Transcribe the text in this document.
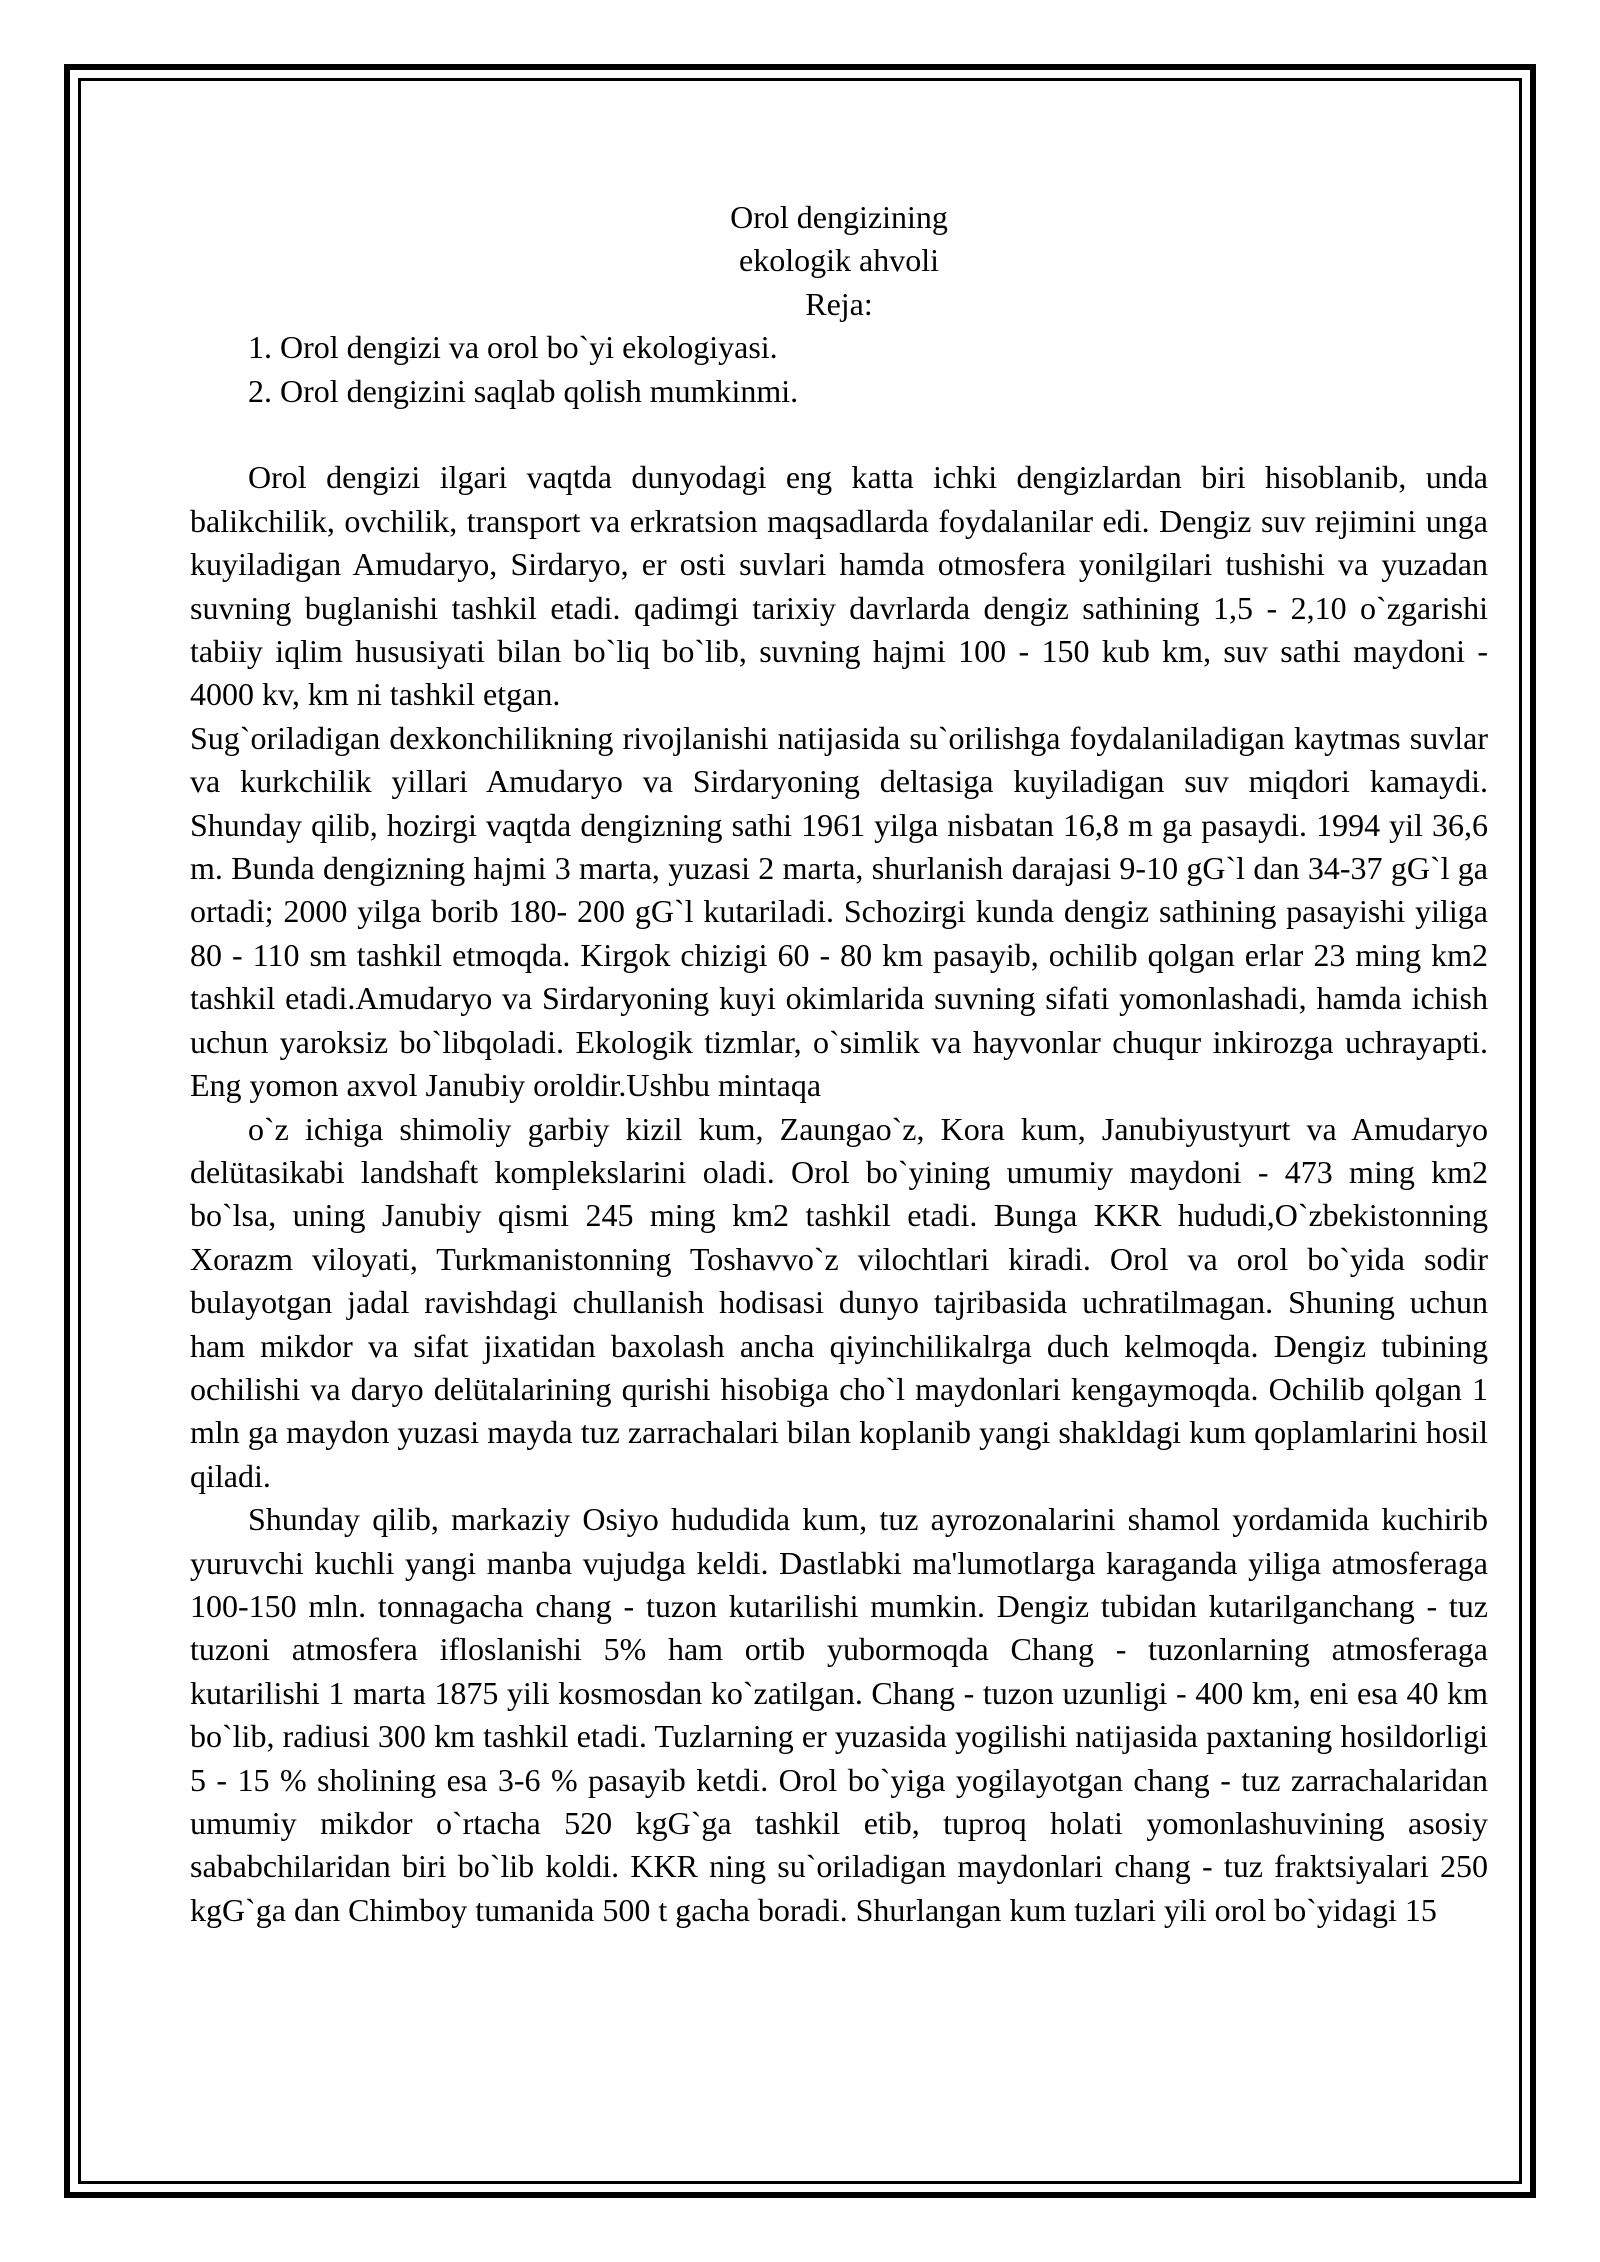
Orol dengizining

ekologik ahvoli

Reja:

1. Orol dengizi va orol bo`yi ekologiyasi.

2. Orol dengizini saqlab qolish mumkinmi.

Orol dengizi ilgari vaqtda dunyodagi eng katta ichki dengizlardan biri hisoblanib, unda balikchilik, ovchilik, transport va erkratsion maqsadlarda foydalanilar edi. Dengiz suv rejimini unga kuyiladigan Amudaryo, Sirdaryo, er osti suvlari hamda otmosfera yonilgilari tushishi va yuzadan suvning buglanishi tashkil etadi. qadimgi tarixiy davrlarda dengiz sathining 1,5 - 2,10 o`zgarishi tabiiy iqlim hususiyati bilan bo`liq bo`lib, suvning hajmi 100 - 150 kub km, suv sathi maydoni - 4000 kv, km ni tashkil etgan.

Sug`oriladigan dexkonchilikning rivojlanishi natijasida su`orilishga foydalaniladigan kaytmas suvlar va kurkchilik yillari Amudaryo va Sirdaryoning deltasiga kuyiladigan suv miqdori kamaydi. Shunday qilib, hozirgi vaqtda dengizning sathi 1961 yilga nisbatan 16,8 m ga pasaydi. 1994 yil 36,6 m. Bunda dengizning hajmi 3 marta, yuzasi 2 marta, shurlanish darajasi 9-10 gG`l dan 34-37 gG`l ga ortadi; 2000 yilga borib 180- 200 gG`l kutariladi. Schozirgi kunda dengiz sathining pasayishi yiliga 80 - 110 sm tashkil etmoqda. Kirgok chizigi 60 - 80 km pasayib, ochilib qolgan erlar 23 ming km2 tashkil etadi.Amudaryo va Sirdaryoning kuyi okimlarida suvning sifati yomonlashadi, hamda ichish uchun yaroksiz bo`libqoladi. Ekologik tizmlar, o`simlik va hayvonlar chuqur inkirozga uchrayapti. Eng yomon axvol Janubiy oroldir.Ushbu mintaqa

o`z ichiga shimoliy garbiy kizil kum, Zaungao`z, Kora kum, Janubiyustyurt va Amudaryo delütasikabi landshaft komplekslarini oladi. Orol bo`yining umumiy maydoni - 473 ming km2 bo`lsa, uning Janubiy qismi 245 ming km2 tashkil etadi. Bunga KKR hududi,O`zbekistonning Xorazm viloyati, Turkmanistonning Toshavvo`z vilochtlari kiradi. Orol va orol bo`yida sodir bulayotgan jadal ravishdagi chullanish hodisasi dunyo tajribasida uchratilmagan. Shuning uchun ham mikdor va sifat jixatidan baxolash ancha qiyinchilikalrga duch kelmoqda. Dengiz tubining ochilishi va daryo delütalarining qurishi hisobiga cho`l maydonlari kengaymoqda. Ochilib qolgan 1 mln ga maydon yuzasi mayda tuz zarrachalari bilan koplanib yangi shakldagi kum qoplamlarini hosil qiladi.

Shunday qilib, markaziy Osiyo hududida kum, tuz ayrozonalarini shamol yordamida kuchirib yuruvchi kuchli yangi manba vujudga keldi. Dastlabki ma'lumotlarga karaganda yiliga atmosferaga 100-150 mln. tonnagacha chang - tuzon kutarilishi mumkin. Dengiz tubidan kutarilganchang - tuz tuzoni atmosfera ifloslanishi 5% ham ortib yubormoqda Chang - tuzonlarning atmosferaga kutarilishi 1 marta 1875 yili kosmosdan ko`zatilgan. Chang - tuzon uzunligi - 400 km, eni esa 40 km bo`lib, radiusi 300 km tashkil etadi. Tuzlarning er yuzasida yogilishi natijasida paxtaning hosildorligi 5 - 15 % sholining esa 3-6 % pasayib ketdi. Orol bo`yiga yogilayotgan chang - tuz zarrachalaridan umumiy mikdor o`rtacha 520 kgG`ga tashkil etib, tuproq holati yomonlashuvining asosiy sababchilaridan biri bo`lib koldi. KKR ning su`oriladigan maydonlari chang - tuz fraktsiyalari 250 kgG`ga dan Chimboy tumanida 500 t gacha boradi. Shurlangan kum tuzlari yili orol bo`yidagi 15
